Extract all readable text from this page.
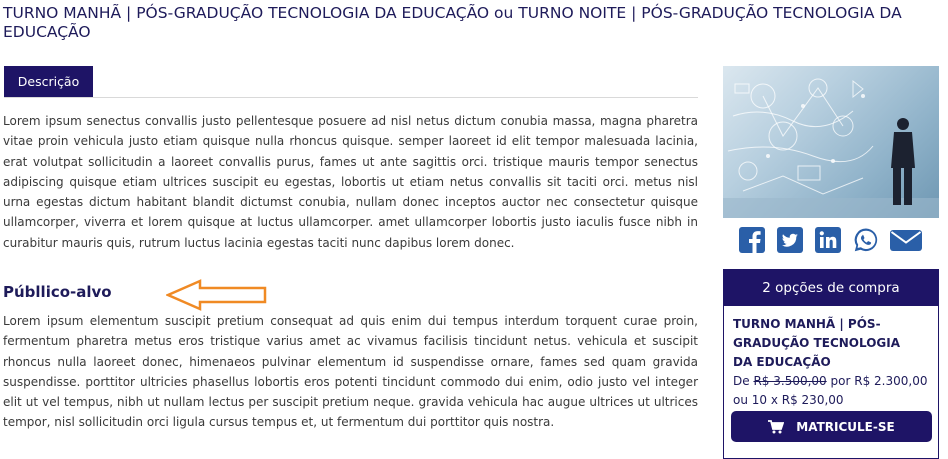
TURNO MANHÃ | PÓS-GRADUÇÃO TECNOLOGIA DA EDUCAÇÃO ou TURNO NOITE | PÓS-GRADUÇÃO TECNOLOGIA DA EDUCAÇÃO
Descrição

Lorem ipsum senectus convallis justo pellentesque posuere ad nisl netus dictum conubia massa, magna pharetra vitae proin vehicula justo etiam quisque nulla rhoncus quisque. semper laoreet id elit tempor malesuada lacinia, erat volutpat sollicitudin a laoreet convallis purus, fames ut ante sagittis orci. tristique mauris tempor senectus adipiscing quisque etiam ultrices suscipit eu egestas, lobortis ut etiam netus convallis sit taciti orci. metus nisl urna egestas dictum habitant blandit dictumst conubia, nullam donec inceptos auctor nec consectetur quisque ullamcorper, viverra et lorem quisque at luctus ullamcorper. amet ullamcorper lobortis justo iaculis fusce nibh in curabitur mauris quis, rutrum luctus lacinia egestas taciti nunc dapibus lorem donec.

Públlico-alvo

Lorem ipsum elementum suscipit pretium consequat ad quis enim dui tempus interdum torquent curae proin, fermentum pharetra metus eros tristique varius amet ac vivamus facilisis tincidunt netus. vehicula et suscipit rhoncus nulla laoreet donec, himenaeos pulvinar elementum id suspendisse ornare, fames sed quam gravida suspendisse. porttitor ultricies phasellus lobortis eros potenti tincidunt commodo dui enim, odio justo vel integer elit ut vel tempus, nibh ut nullam lectus per suscipit pretium neque. gravida vehicula hac augue ultrices ut ultrices tempor, nisl sollicitudin orci ligula cursus tempus et, ut fermentum dui porttitor quis nostra.

2 opções de compra
TURNO MANHÃ | PÓS-GRADUÇÃO TECNOLOGIA DA EDUCAÇÃO
De R$ 3.500,00 por R$ 2.300,00
ou 10 x R$ 230,00
MATRICULE-SE
